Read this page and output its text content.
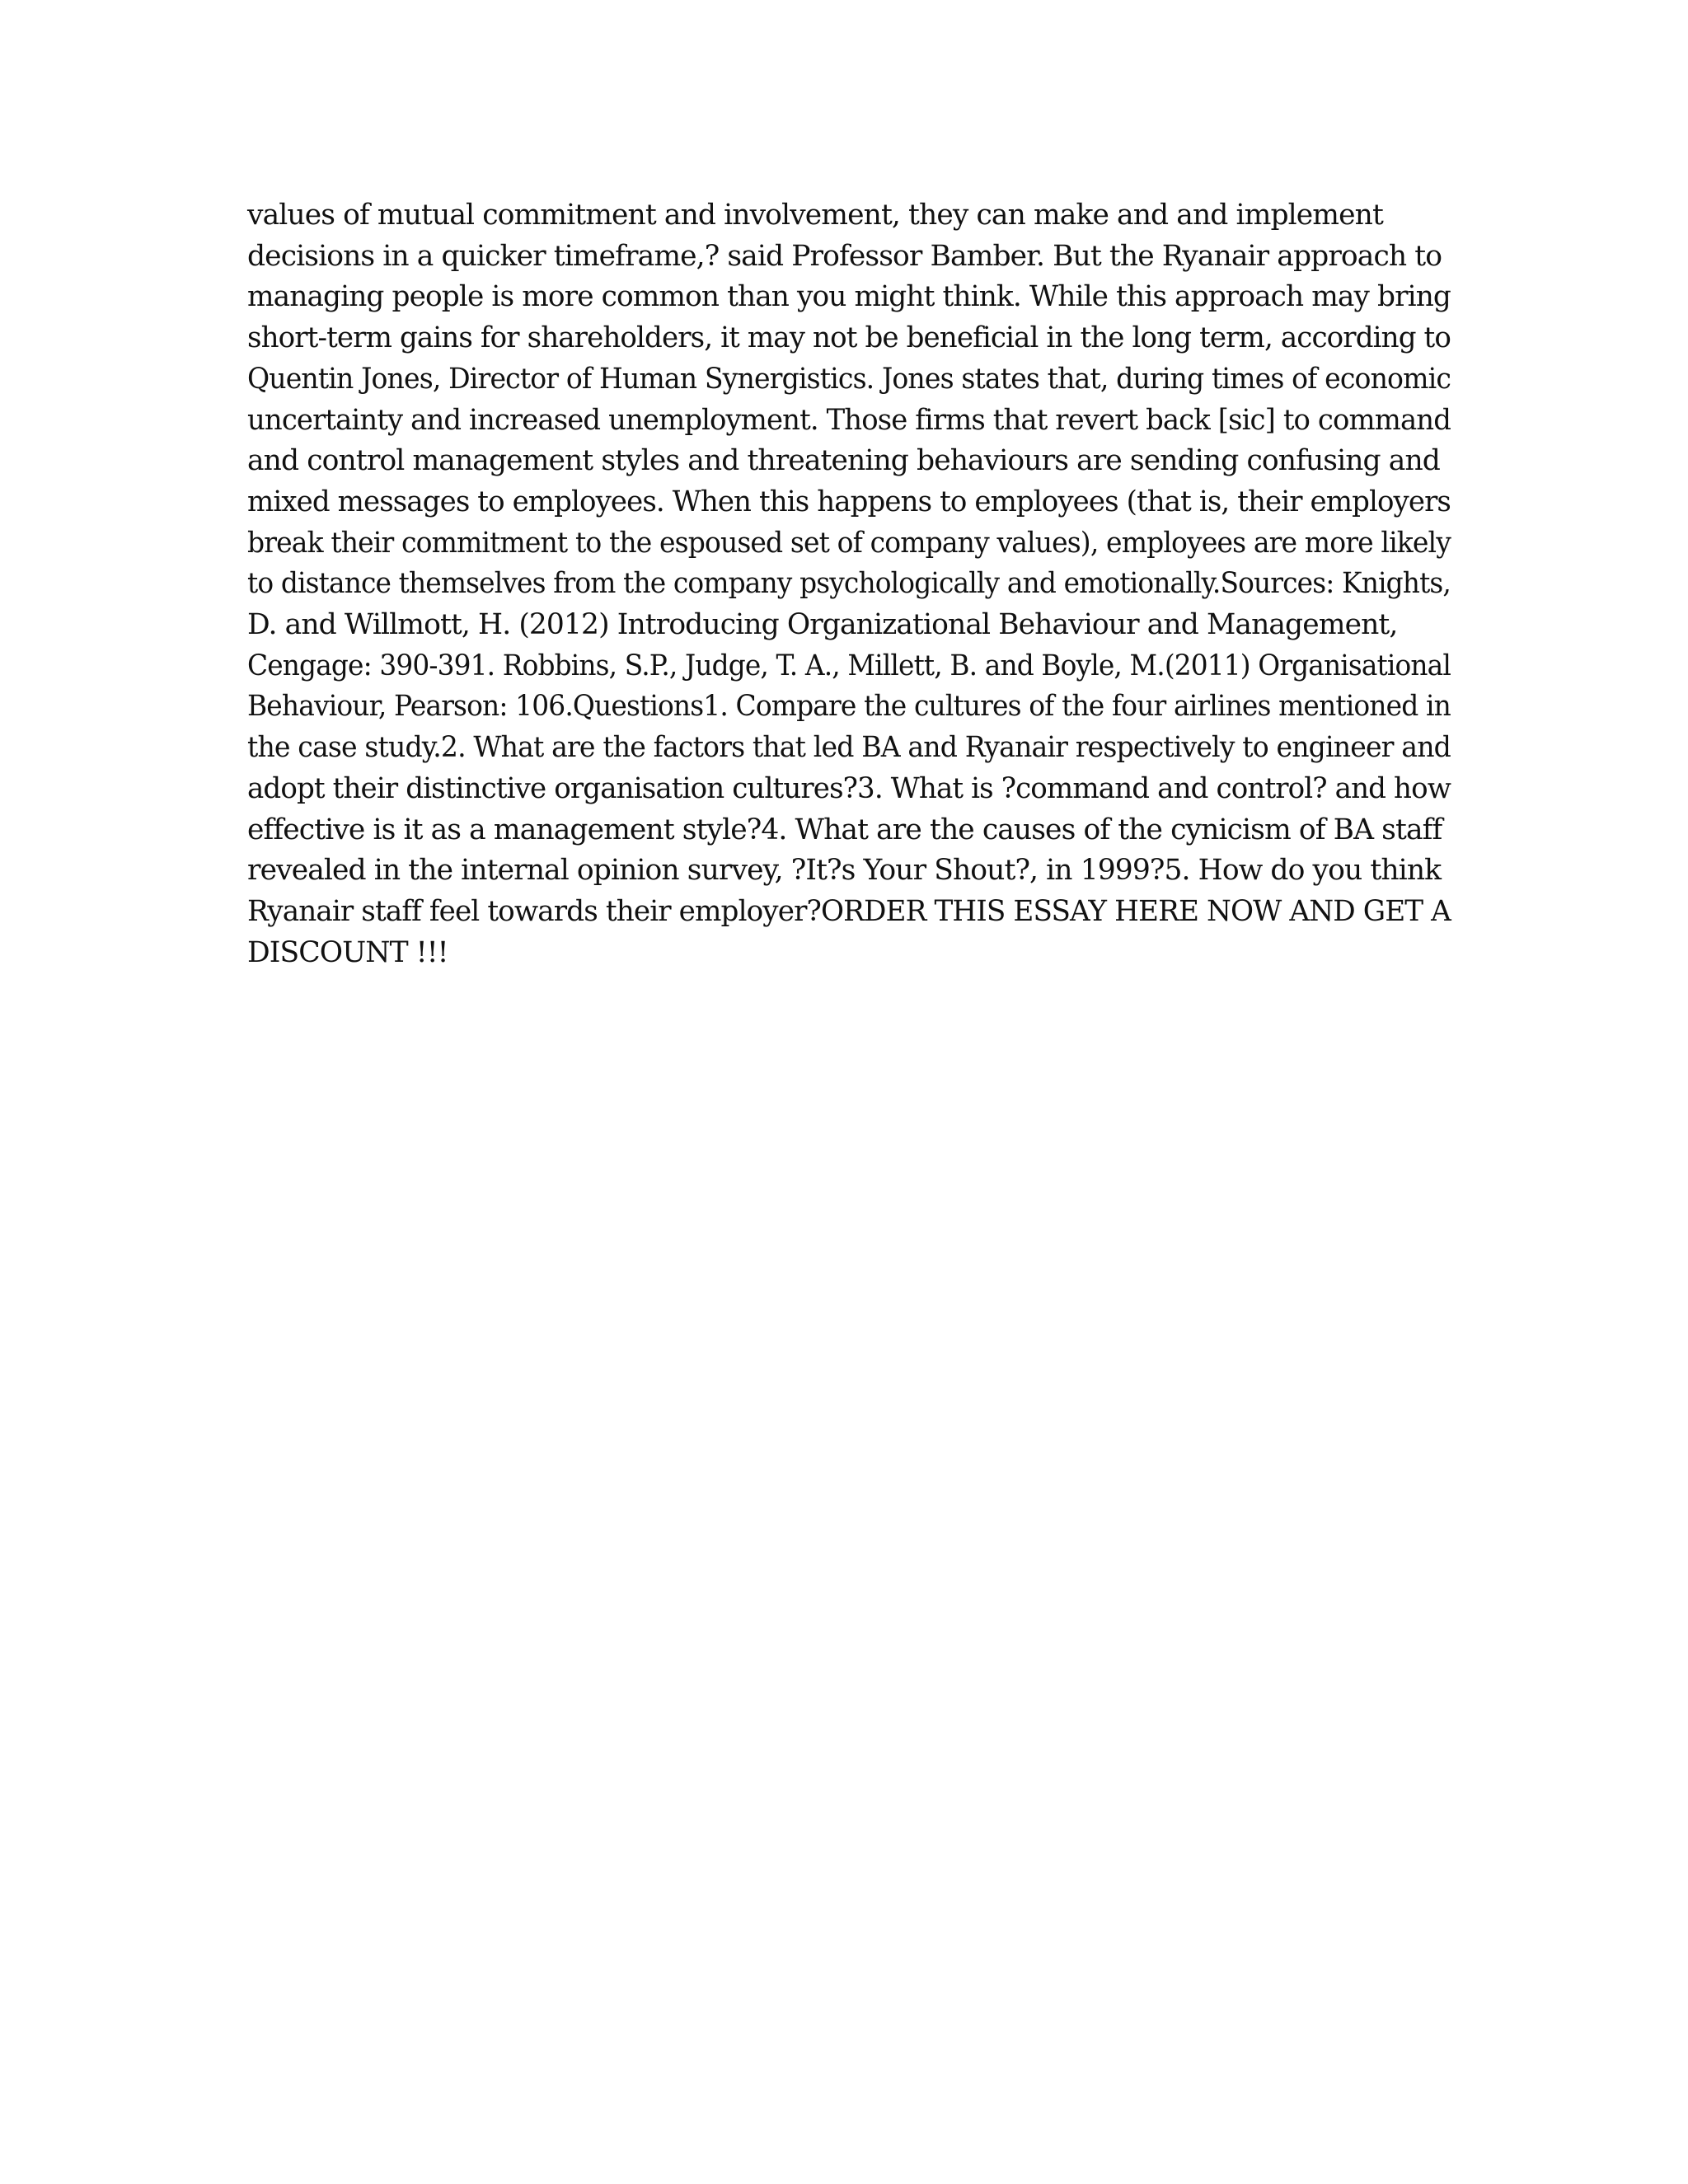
values of mutual commitment and involvement, they can make and and implement
decisions in a quicker timeframe,? said Professor Bamber. But the Ryanair approach to
managing people is more common than you might think. While this approach may bring
short-term gains for shareholders, it may not be beneficial in the long term, according to
Quentin Jones, Director of Human Synergistics. Jones states that, during times of economic
uncertainty and increased unemployment. Those firms that revert back [sic] to command
and control management styles and threatening behaviours are sending confusing and
mixed messages to employees. When this happens to employees (that is, their employers
break their commitment to the espoused set of company values), employees are more likely
to distance themselves from the company psychologically and emotionally.Sources: Knights,
D. and Willmott, H. (2012) Introducing Organizational Behaviour and Management,
Cengage: 390-391. Robbins, S.P., Judge, T. A., Millett, B. and Boyle, M.(2011) Organisational
Behaviour, Pearson: 106.Questions1. Compare the cultures of the four airlines mentioned in
the case study.2. What are the factors that led BA and Ryanair respectively to engineer and
adopt their distinctive organisation cultures?3. What is ?command and control? and how
effective is it as a management style?4. What are the causes of the cynicism of BA staff
revealed in the internal opinion survey, ?It?s Your Shout?, in 1999?5. How do you think
Ryanair staff feel towards their employer?ORDER THIS ESSAY HERE NOW AND GET A
DISCOUNT !!!
